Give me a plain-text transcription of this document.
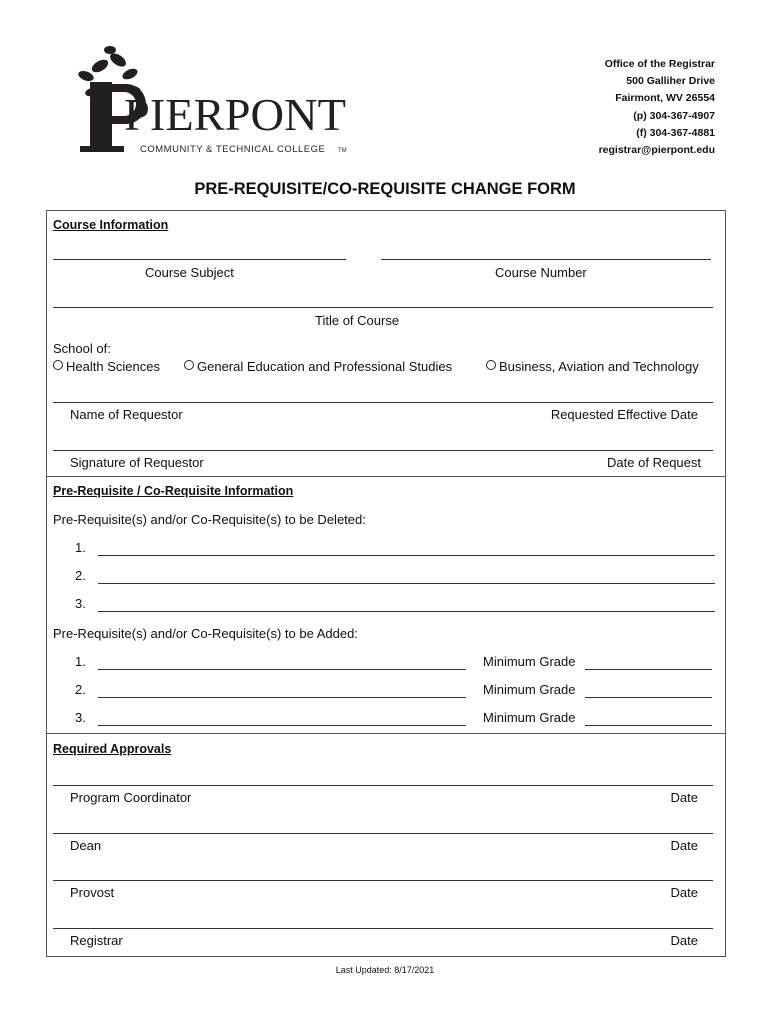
PIERPONT
COMMUNITY & TECHNICAL COLLEGE TM
Office of the Registrar
500 Galliher Drive
Fairmont, WV 26554
(p) 304-367-4907
(f) 304-367-4881
registrar@pierpont.edu
PRE-REQUISITE/CO-REQUISITE CHANGE FORM
Course Information
Course Subject	Course Number
Title of Course
School of:
Health Sciences	General Education and Professional Studies	Business, Aviation and Technology
Name of Requestor	Requested Effective Date
Signature of Requestor	Date of Request
Pre-Requisite / Co-Requisite Information
Pre-Requisite(s) and/or Co-Requisite(s) to be Deleted:
1.
2.
3.
Pre-Requisite(s) and/or Co-Requisite(s) to be Added:
1.	Minimum Grade
2.	Minimum Grade
3.	Minimum Grade
Required Approvals
Program Coordinator	Date
Dean	Date
Provost	Date
Registrar	Date
Last Updated: 8/17/2021
